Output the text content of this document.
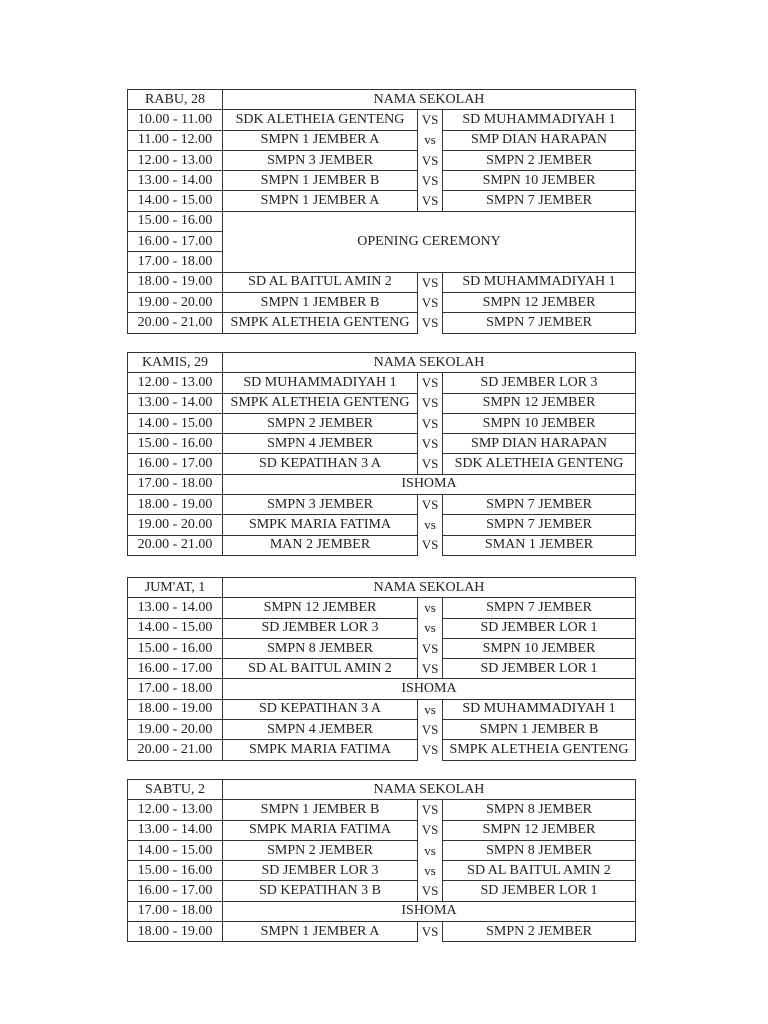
RABU, 28	NAMA SEKOLAH		
10.00 - 11.00	SDK ALETHEIA GENTENG	VS	SD MUHAMMADIYAH 1
11.00 - 12.00	SMPN 1 JEMBER A	vs	SMP DIAN HARAPAN
12.00 - 13.00	SMPN 3 JEMBER	VS	SMPN 2 JEMBER
13.00 - 14.00	SMPN 1 JEMBER B	VS	SMPN 10 JEMBER
14.00 - 15.00	SMPN 1 JEMBER A	VS	SMPN 7 JEMBER
15.00 - 16.00	OPENING CEREMONY		
16.00 - 17.00			
17.00 - 18.00			
18.00 - 19.00	SD AL BAITUL AMIN 2	VS	SD MUHAMMADIYAH 1
19.00 - 20.00	SMPN 1 JEMBER B	VS	SMPN 12 JEMBER
20.00 - 21.00	SMPK ALETHEIA GENTENG	VS	SMPN 7 JEMBER
KAMIS, 29	NAMA SEKOLAH		
12.00 - 13.00	SD MUHAMMADIYAH 1	VS	SD JEMBER LOR 3
13.00 - 14.00	SMPK ALETHEIA GENTENG	VS	SMPN 12 JEMBER
14.00 - 15.00	SMPN 2 JEMBER	VS	SMPN 10 JEMBER
15.00 - 16.00	SMPN 4 JEMBER	VS	SMP DIAN HARAPAN
16.00 - 17.00	SD KEPATIHAN 3 A	VS	SDK ALETHEIA GENTENG
17.00 - 18.00	ISHOMA		
18.00 - 19.00	SMPN 3 JEMBER	VS	SMPN 7 JEMBER
19.00 - 20.00	SMPK MARIA FATIMA	vs	SMPN 7 JEMBER
20.00 - 21.00	MAN 2 JEMBER	VS	SMAN 1 JEMBER
JUM'AT, 1	NAMA SEKOLAH		
13.00 - 14.00	SMPN 12 JEMBER	vs	SMPN 7 JEMBER
14.00 - 15.00	SD JEMBER LOR 3	vs	SD JEMBER LOR 1
15.00 - 16.00	SMPN 8 JEMBER	VS	SMPN 10 JEMBER
16.00 - 17.00	SD AL BAITUL AMIN 2	VS	SD JEMBER LOR 1
17.00 - 18.00	ISHOMA		
18.00 - 19.00	SD KEPATIHAN 3 A	vs	SD MUHAMMADIYAH 1
19.00 - 20.00	SMPN 4 JEMBER	VS	SMPN 1 JEMBER B
20.00 - 21.00	SMPK MARIA FATIMA	VS	SMPK ALETHEIA GENTENG
SABTU, 2	NAMA SEKOLAH		
12.00 - 13.00	SMPN 1 JEMBER B	VS	SMPN 8 JEMBER
13.00 - 14.00	SMPK MARIA FATIMA	VS	SMPN 12 JEMBER
14.00 - 15.00	SMPN 2 JEMBER	vs	SMPN 8 JEMBER
15.00 - 16.00	SD JEMBER LOR 3	vs	SD AL BAITUL AMIN 2
16.00 - 17.00	SD KEPATIHAN 3 B	VS	SD JEMBER LOR 1
17.00 - 18.00	ISHOMA		
18.00 - 19.00	SMPN 1 JEMBER A	VS	SMPN 2 JEMBER
